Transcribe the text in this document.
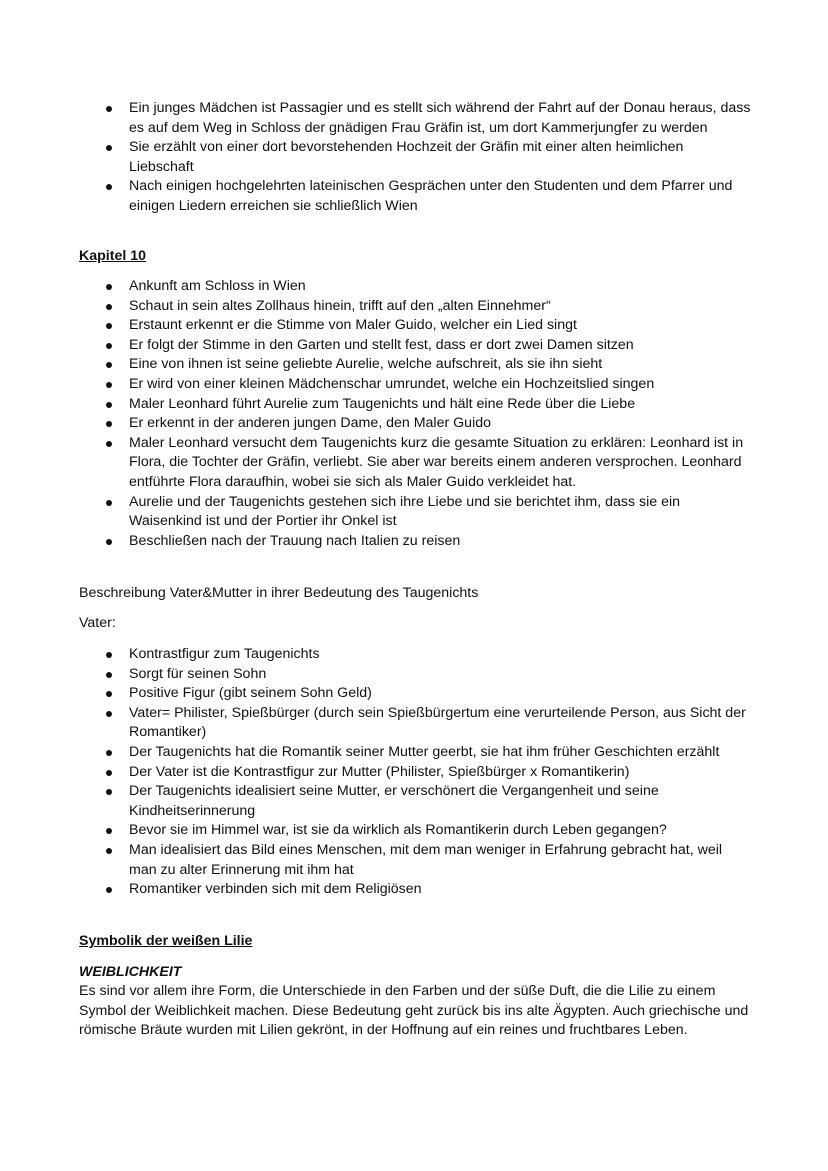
Ein junges Mädchen ist Passagier und es stellt sich während der Fahrt auf der Donau heraus, dass es auf dem Weg in Schloss der gnädigen Frau Gräfin ist, um dort Kammerjungfer zu werden
Sie erzählt von einer dort bevorstehenden Hochzeit der Gräfin mit einer alten heimlichen Liebschaft
Nach einigen hochgelehrten lateinischen Gesprächen unter den Studenten und dem Pfarrer und einigen Liedern erreichen sie schließlich Wien

Kapitel 10

Ankunft am Schloss in Wien
Schaut in sein altes Zollhaus hinein, trifft auf den „alten Einnehmer“
Erstaunt erkennt er die Stimme von Maler Guido, welcher ein Lied singt
Er folgt der Stimme in den Garten und stellt fest, dass er dort zwei Damen sitzen
Eine von ihnen ist seine geliebte Aurelie, welche aufschreit, als sie ihn sieht
Er wird von einer kleinen Mädchenschar umrundet, welche ein Hochzeitslied singen
Maler Leonhard führt Aurelie zum Taugenichts und hält eine Rede über die Liebe
Er erkennt in der anderen jungen Dame, den Maler Guido
Maler Leonhard versucht dem Taugenichts kurz die gesamte Situation zu erklären: Leonhard ist in Flora, die Tochter der Gräfin, verliebt. Sie aber war bereits einem anderen versprochen. Leonhard entführte Flora daraufhin, wobei sie sich als Maler Guido verkleidet hat.
Aurelie und der Taugenichts gestehen sich ihre Liebe und sie berichtet ihm, dass sie ein Waisenkind ist und der Portier ihr Onkel ist
Beschließen nach der Trauung nach Italien zu reisen

Beschreibung Vater&Mutter in ihrer Bedeutung des Taugenichts

Vater:

Kontrastfigur zum Taugenichts
Sorgt für seinen Sohn
Positive Figur (gibt seinem Sohn Geld)
Vater= Philister, Spießbürger (durch sein Spießbürgertum eine verurteilende Person, aus Sicht der Romantiker)
Der Taugenichts hat die Romantik seiner Mutter geerbt, sie hat ihm früher Geschichten erzählt
Der Vater ist die Kontrastfigur zur Mutter (Philister, Spießbürger x Romantikerin)
Der Taugenichts idealisiert seine Mutter, er verschönert die Vergangenheit und seine Kindheitserinnerung
Bevor sie im Himmel war, ist sie da wirklich als Romantikerin durch Leben gegangen?
Man idealisiert das Bild eines Menschen, mit dem man weniger in Erfahrung gebracht hat, weil man zu alter Erinnerung mit ihm hat
Romantiker verbinden sich mit dem Religiösen

Symbolik der weißen Lilie

WEIBLICHKEIT

Es sind vor allem ihre Form, die Unterschiede in den Farben und der süße Duft, die die Lilie zu einem Symbol der Weiblichkeit machen. Diese Bedeutung geht zurück bis ins alte Ägypten. Auch griechische und römische Bräute wurden mit Lilien gekrönt, in der Hoffnung auf ein reines und fruchtbares Leben.
